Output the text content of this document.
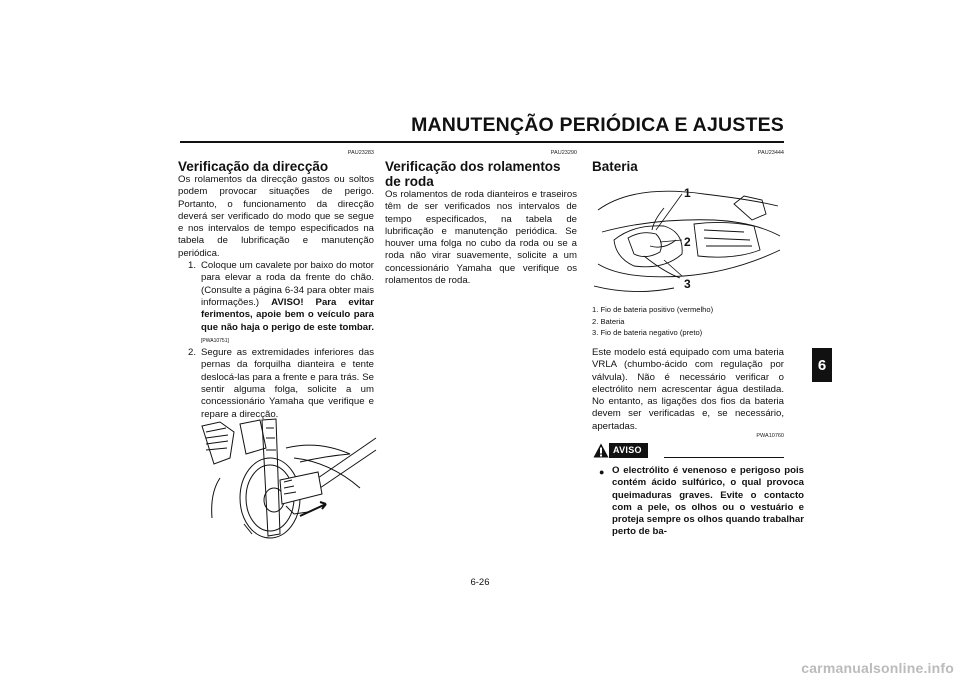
MANUTENÇÃO PERIÓDICA E AJUSTES
6
PAU23283
Verificação da direcção
Os rolamentos da direcção gastos ou soltos podem provocar situações de perigo. Portanto, o funcionamento da direcção deverá ser verificado do modo que se segue e nos intervalos de tempo especificados na tabela de lubrificação e manutenção periódica.
1. Coloque um cavalete por baixo do motor para elevar a roda da frente do chão. (Consulte a página 6-34 para obter mais informações.) AVISO! Para evitar ferimentos, apoie bem o veículo para que não haja o perigo de este tombar. [PWA10751]
2. Segure as extremidades inferiores das pernas da forquilha dianteira e tente deslocá-las para a frente e para trás. Se sentir alguma folga, solicite a um concessionário Yamaha que verifique e repare a direcção.
PAU23290
Verificação dos rolamentos de roda
Os rolamentos de roda dianteiros e traseiros têm de ser verificados nos intervalos de tempo especificados, na tabela de lubrificação e manutenção periódica. Se houver uma folga no cubo da roda ou se a roda não virar suavemente, solicite a um concessionário Yamaha que verifique os rolamentos de roda.
PAU23444
Bateria
1
2
3
1. Fio de bateria positivo (vermelho)
2. Bateria
3. Fio de bateria negativo (preto)
Este modelo está equipado com uma bateria VRLA (chumbo-ácido com regulação por válvula). Não é necessário verificar o electrólito nem acrescentar água destilada. No entanto, as ligações dos fios da bateria devem ser verificadas e, se necessário, apertadas.
PWA10760
AVISO
● O electrólito é venenoso e perigoso pois contém ácido sulfúrico, o qual provoca queimaduras graves. Evite o contacto com a pele, os olhos ou o vestuário e proteja sempre os olhos quando trabalhar perto de ba-
6-26
carmanualsonline.info
